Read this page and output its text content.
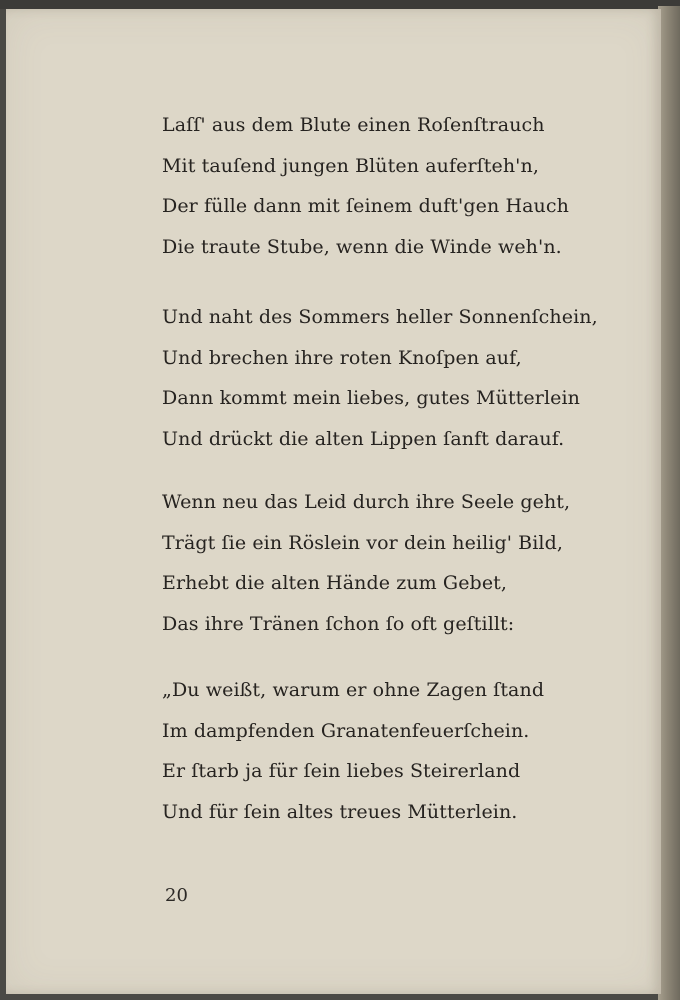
Laſſ' aus dem Blute einen Roſenſtrauch
Mit tauſend jungen Blüten auferſteh'n,
Der fülle dann mit ſeinem duft'gen Hauch
Die traute Stube, wenn die Winde weh'n.
Und naht des Sommers heller Sonnenſchein,
Und brechen ihre roten Knoſpen auf,
Dann kommt mein liebes, gutes Mütterlein
Und drückt die alten Lippen ſanft darauf.
Wenn neu das Leid durch ihre Seele geht,
Trägt ſie ein Röslein vor dein heilig' Bild,
Erhebt die alten Hände zum Gebet,
Das ihre Tränen ſchon ſo oft geſtillt:
„Du weißt, warum er ohne Zagen ſtand
Im dampfenden Granatenfeuerſchein.
Er ſtarb ja für ſein liebes Steirerland
Und für ſein altes treues Mütterlein.
20
